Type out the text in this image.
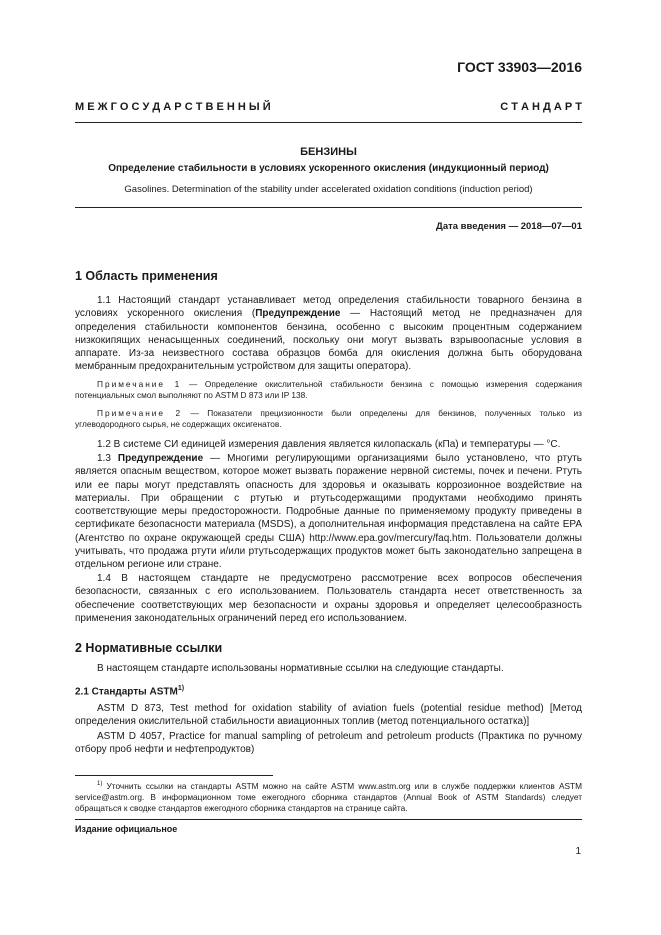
ГОСТ 33903—2016
М Е Ж Г О С У Д А Р С Т В Е Н Н Ы Й	С Т А Н Д А Р Т
БЕНЗИНЫ
Определение стабильности в условиях ускоренного окисления (индукционный период)
Gasolines. Determination of the stability under accelerated oxidation conditions (induction period)
Дата введения — 2018—07—01
1 Область применения

1.1 Настоящий стандарт устанавливает метод определения стабильности товарного бензина в условиях ускоренного окисления (Предупреждение — Настоящий метод не предназначен для определения стабильности компонентов бензина, особенно с высоким процентным содержанием низкокипящих ненасыщенных соединений, поскольку они могут вызвать взрывоопасные условия в аппарате. Из-за неизвестного состава образцов бомба для окисления должна быть оборудована мембранным предохранительным устройством для защиты оператора).

Примечание 1 — Определение окислительной стабильности бензина с помощью измерения содержания потенциальных смол выполняют по ASTM D 873 или IP 138.
Примечание 2 — Показатели прецизионности были определены для бензинов, полученных только из углеводородного сырья, не содержащих оксигенатов.

1.2 В системе СИ единицей измерения давления является килопаскаль (кПа) и температуры — °С.

1.3 Предупреждение — Многими регулирующими организациями было установлено, что ртуть является опасным веществом, которое может вызвать поражение нервной системы, почек и печени. Ртуть или ее пары могут представлять опасность для здоровья и оказывать коррозионное воздействие на материалы. При обращении с ртутью и ртутьсодержащими продуктами необходимо принять соответствующие меры предосторожности. Подробные данные по применяемому продукту приведены в сертификате безопасности материала (MSDS), а дополнительная информация представлена на сайте EPA (Агентство по охране окружающей среды США) http://www.epa.gov/mercury/faq.htm. Пользователи должны учитывать, что продажа ртути и/или ртутьсодержащих продуктов может быть законодательно запрещена в отдельном регионе или стране.

1.4 В настоящем стандарте не предусмотрено рассмотрение всех вопросов обеспечения безопасности, связанных с его использованием. Пользователь стандарта несет ответственность за обеспечение соответствующих мер безопасности и охраны здоровья и определяет целесообразность применения законодательных ограничений перед его использованием.

2 Нормативные ссылки

В настоящем стандарте использованы нормативные ссылки на следующие стандарты.

2.1 Стандарты ASTM$^{1)}$

ASTM D 873, Test method for oxidation stability of aviation fuels (potential residue method) [Метод определения окислительной стабильности авиационных топлив (метод потенциального остатка)]

ASTM D 4057, Practice for manual sampling of petroleum and petroleum products (Практика по ручному отбору проб нефти и нефтепродуктов)

$^{1)}$ Уточнить ссылки на стандарты ASTM можно на сайте ASTM www.astm.org или в службе поддержки клиентов ASTM service@astm.org. В информационном томе ежегодного сборника стандартов (Annual Book of ASTM Standards) следует обращаться к сводке стандартов ежегодного сборника стандартов на странице сайта.
Издание официальное
1
